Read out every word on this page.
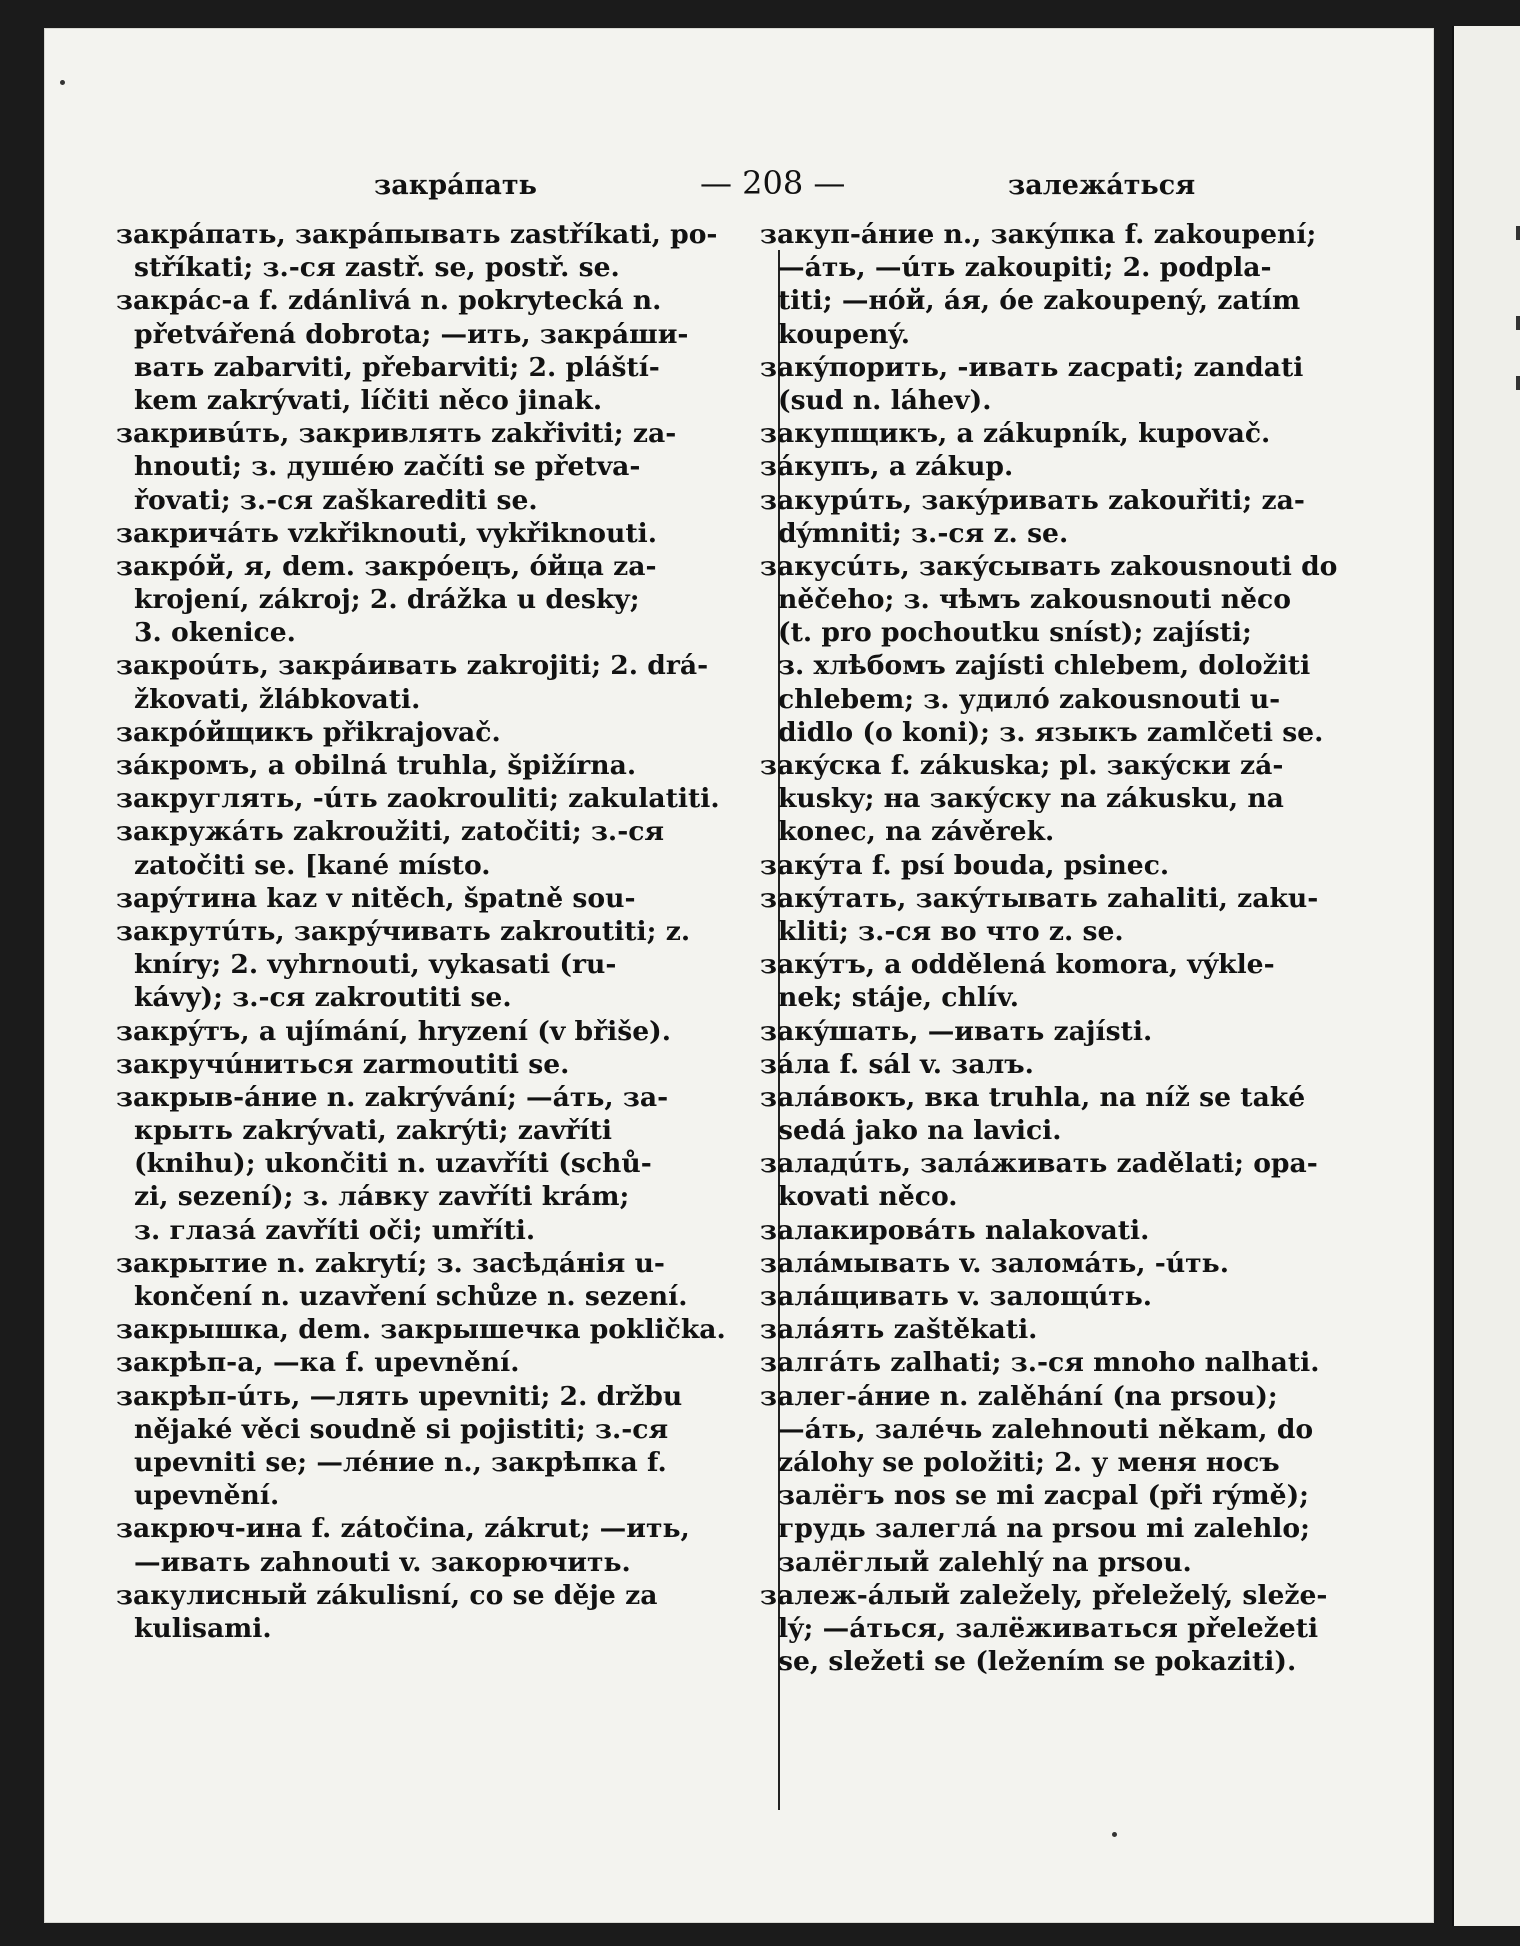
закрáпать	— 208 —	залежáться
закрáпать, закрáпывать zastříkati, po-
stříkati; з.-ся zastř. se, postř. se.
закрáс-а f. zdánlivá n. pokrytecká n.
přetvářená dobrota; —ить, закрáши-
вать zabarviti, přebarviti; 2. pláští-
kem zakrývati, líčiti něco jinak.
закривúть, закривлять zakřiviti; za-
hnouti; з. душéю začíti se přetva-
řovati; з.-ся zaškarediti se.
закричáть vzkřiknouti, vykřiknouti.
закрóй, я, dem. закрóецъ, óйца za-
krojení, zákroj; 2. drážka u desky;
3. okenice.
закроúть, закрáивать zakrojiti; 2. drá-
žkovati, žlábkovati.
закрóйщикъ přikrajovač.
зáкромъ, a obilná truhla, špižírna.
закруглять, -úть zaokrouliti; zakulatiti.
закружáть zakroužiti, zatočiti; з.-ся
zatočiti se. [kané místo.
зарýтина kaz v nitěch, špatně sou-
закрутúть, закрýчивать zakroutiti; z.
kníry; 2. vyhrnouti, vykasati (ru-
kávy); з.-ся zakroutiti se.
закрýтъ, a ujímání, hryzení (v břiše).
закручúниться zarmoutiti se.
закрыв-áние n. zakrývání; —áть, за-
крыть zakrývati, zakrýti; zavříti
(knihu); ukončiti n. uzavříti (schů-
zi, sezení); з. лáвку zavříti krám;
з. глазá zavříti oči; umříti.
закрытие n. zakrytí; з. засѣдáнія u-
končení n. uzavření schůze n. sezení.
закрышка, dem. закрышечка poklička.
закрѣп-а, —ка f. upevnění.
закрѣп-úть, —лять upevniti; 2. držbu
nějaké věci soudně si pojistiti; з.-ся
upevniti se; —лéние n., закрѣпка f.
upevnění.
закрюч-ина f. zátočina, zákrut; —ить,
—ивать zahnouti v. закорючить.
закулисный zákulisní, co se děje za
kulisami.
закуп-áние n., закýпка f. zakoupení;
—áть, —úть zakoupiti; 2. podpla-
titi; —нóй, áя, óе zakoupený, zatím
koupený.
закýпорить, -ивать zacpati; zandati
(sud n. láhev).
закупщикъ, a zákupník, kupovač.
зáкупъ, a zákup.
закурúть, закýривать zakouřiti; za-
dýmniti; з.-ся z. se.
закусúть, закýсывать zakousnouti do
něčeho; з. чѣмъ zakousnouti něco
(t. pro pochoutku sníst); zajísti;
з. хлѣбомъ zajísti chlebem, doložiti
chlebem; з. удилó zakousnouti u-
didlo (o koni); з. языкъ zamlčeti se.
закýска f. zákuska; pl. закýски zá-
kusky; на закýску na zákusku, na
konec, na závěrek.
закýта f. psí bouda, psinec.
закýтать, закýтывать zahaliti, zaku-
kliti; з.-ся во что z. se.
закýтъ, a oddělená komora, výkle-
nek; stáje, chlív.
закýшать, —ивать zajísti.
зáла f. sál v. залъ.
залáвокъ, вка truhla, na níž se také
sedá jako na lavici.
заладúть, залáживать zadělati; opa-
kovati něco.
залакировáть nalakovati.
залáмывать v. заломáть, -úть.
залáщивать v. залощúть.
залáять zaštěkati.
залгáть zalhati; з.-ся mnoho nalhati.
залег-áние n. zalěhání (na prsou);
—áть, залéчь zalehnouti někam, do
zálohy se položiti; 2. у меня носъ
залёгъ nos se mi zacpal (při rýmě);
грудь залеглá na prsou mi zalehlo;
залёглый zalehlý na prsou.
залеж-áлый zaležely, přeleželý, sleže-
lý; —áться, залёживаться přeležeti
se, sležeti se (ležením se pokaziti).
